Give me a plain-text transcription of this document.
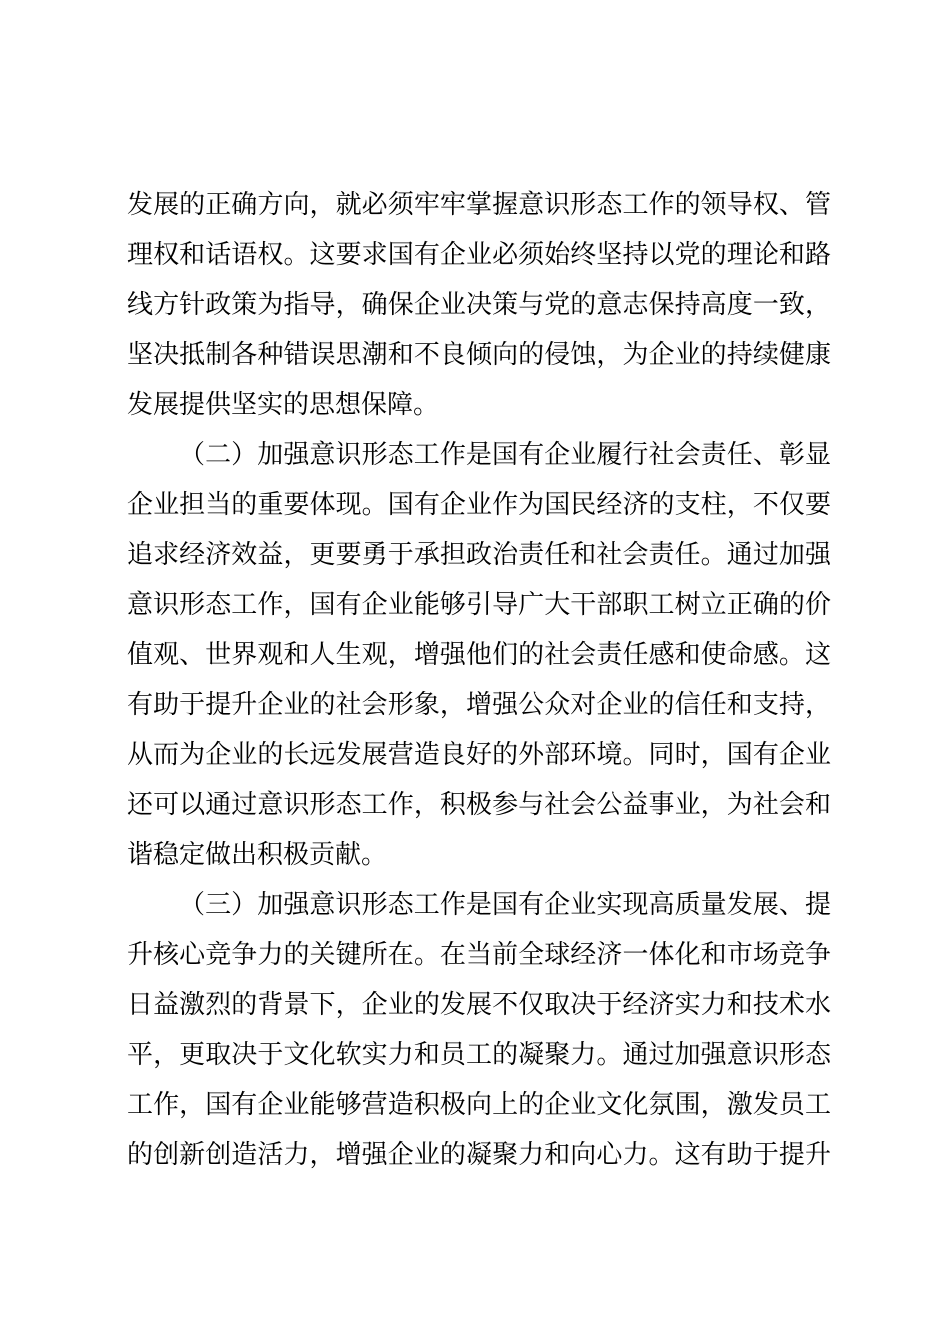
发展的正确方向，就必须牢牢掌握意识形态工作的领导权、管
理权和话语权。这要求国有企业必须始终坚持以党的理论和路
线方针政策为指导，确保企业决策与党的意志保持高度一致，
坚决抵制各种错误思潮和不良倾向的侵蚀，为企业的持续健康
发展提供坚实的思想保障。
（二）加强意识形态工作是国有企业履行社会责任、彰显
企业担当的重要体现。国有企业作为国民经济的支柱，不仅要
追求经济效益，更要勇于承担政治责任和社会责任。通过加强
意识形态工作，国有企业能够引导广大干部职工树立正确的价
值观、世界观和人生观，增强他们的社会责任感和使命感。这
有助于提升企业的社会形象，增强公众对企业的信任和支持，
从而为企业的长远发展营造良好的外部环境。同时，国有企业
还可以通过意识形态工作，积极参与社会公益事业，为社会和
谐稳定做出积极贡献。
（三）加强意识形态工作是国有企业实现高质量发展、提
升核心竞争力的关键所在。在当前全球经济一体化和市场竞争
日益激烈的背景下，企业的发展不仅取决于经济实力和技术水
平，更取决于文化软实力和员工的凝聚力。通过加强意识形态
工作，国有企业能够营造积极向上的企业文化氛围，激发员工
的创新创造活力，增强企业的凝聚力和向心力。这有助于提升
